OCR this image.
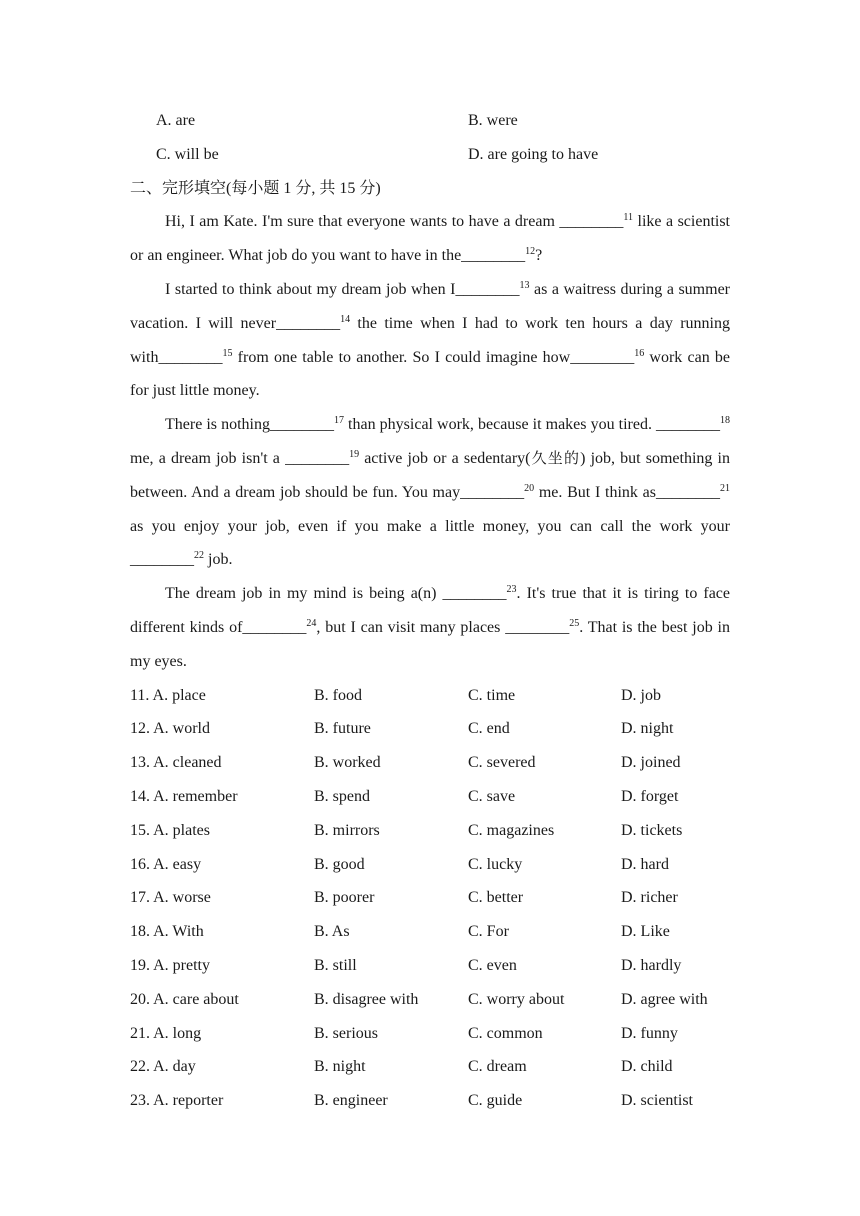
A. are	B. were
C. will be	D. are going to have
二、完形填空(每小题 1 分, 共 15 分)

Hi, I am Kate. I'm sure that everyone wants to have a dream ________$^{11}$ like a scientist or an engineer. What job do you want to have in the________$^{12}$?

I started to think about my dream job when I________$^{13}$ as a waitress during a summer vacation. I will never________$^{14}$ the time when I had to work ten hours a day running with________$^{15}$ from one table to another. So I could imagine how________$^{16}$ work can be for just little money.

There is nothing________$^{17}$ than physical work, because it makes you tired. ________$^{18}$ me, a dream job isn't a ________$^{19}$ active job or a sedentary(久坐的) job, but something in between. And a dream job should be fun. You may________$^{20}$ me. But I think as________$^{21}$ as you enjoy your job, even if you make a little money, you can call the work your ________$^{22}$ job.

The dream job in my mind is being a(n) ________$^{23}$. It's true that it is tiring to face different kinds of________$^{24}$, but I can visit many places ________$^{25}$. That is the best job in my eyes.

11. A. place	B. food	C. time	D. job
12. A. world	B. future	C. end	D. night
13. A. cleaned	B. worked	C. severed	D. joined
14. A. remember	B. spend	C. save	D. forget
15. A. plates	B. mirrors	C. magazines	D. tickets
16. A. easy	B. good	C. lucky	D. hard
17. A. worse	B. poorer	C. better	D. richer
18. A. With	B. As	C. For	D. Like
19. A. pretty	B. still	C. even	D. hardly
20. A. care about	B. disagree with	C. worry about	D. agree with
21. A. long	B. serious	C. common	D. funny
22. A. day	B. night	C. dream	D. child
23. A. reporter	B. engineer	C. guide	D. scientist
